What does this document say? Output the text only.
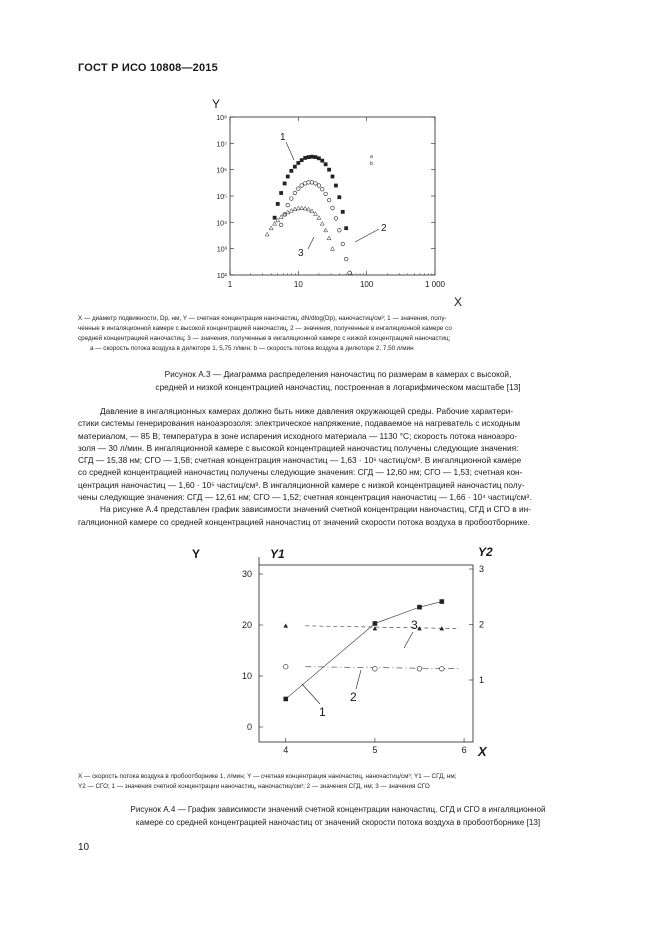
ГОСТ Р ИСО 10808—2015
10²
10³
10⁴
10⁵
10⁶
10⁷
10⁸
1	10	100	1 000
Y
X
1
2
3
a
b
X — диаметр подвижности, Dp, нм, Y — счетная концентрация наночастиц, dN/dlog(Dp), наночастиц/см³; 1 — значения, полу-
ченные в ингаляционной камере с высокой концентрацией наночастиц, 2 — значения, полученные в ингаляционной камере со
средней концентрацией наночастиц; 3 — значения, полученные в ингаляционной камере с низкой концентрацией наночастиц;
a — скорость потока воздуха в дилюторе 1, 5,75 л/мин; b — скорость потока воздуха в дилюторе 2, 7,50 л/мин
Рисунок А.3 — Диаграмма распределения наночастиц по размерам в камерах с высокой,
средней и низкой концентрацией наночастиц, построенная в логарифмическом масштабе [13]

Давление в ингаляционных камерах должно быть ниже давления окружающей среды. Рабочие характери-

стики системы генерирования наноаэрозоля: электрическое напряжение, подаваемое на нагреватель с исходным
материалом, — 85 В; температура в зоне испарения исходного материала — 1130 °С; скорость потока наноаэро-
золя — 30 л/мин. В ингаляционной камере с высокой концентрацией наночастиц получены следующие значения:
СГД — 15,38 нм; СГО — 1,58; счетная концентрация наночастиц — 1,63 · 10⁶ частиц/см³. В ингаляционной камере
со средней концентрацией наночастиц получены следующие значения: СГД — 12,60 нм; СГО — 1,53; счетная кон-
центрация наночастиц — 1,60 · 10⁵ частиц/см³. В ингаляционной камере с низкой концентрацией наночастиц полу-
чены следующие значения: СГД — 12,61 нм; СГО — 1,52; счетная концентрация наночастиц — 1,66 · 10⁴ частиц/см³.

На рисунке А.4 представлен график зависимости значений счетной концентрации наночастиц, СГД и СГО в ин-

галяционной камере со средней концентрацией наночастиц от значений скорости потока воздуха в пробоотборнике.
0
10
20
30
1
2
3
4	5	6
Y	Y1	Y2
X
1
2
3
X — скорость потока воздуха в пробоотборнике 1, л/мин; Y — счетная концентрация наночастиц, наночастиц/см³; Y1 — СГД, нм;
Y2 — СГО; 1 — значения счетной концентрации наночастиц, наночастиц/см³; 2 — значения СГД, нм; 3 — значения СГО
Рисунок А.4 — График зависимости значений счетной концентрации наночастиц, СГД и СГО в ингаляционной
камере со средней концентрацией наночастиц от значений скорости потока воздуха в пробоотборнике [13]
10
